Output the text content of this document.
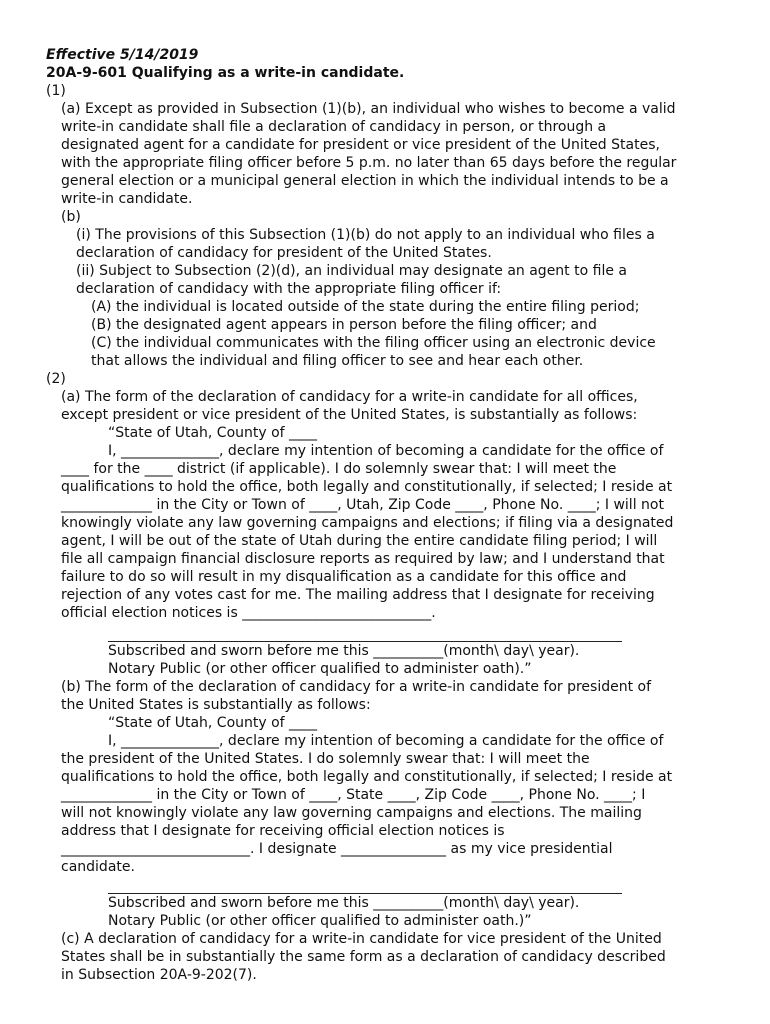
Effective 5/14/2019
20A-9-601 Qualifying as a write-in candidate.
(1)
(a) Except as provided in Subsection (1)(b), an individual who wishes to become a valid
write-in candidate shall file a declaration of candidacy in person, or through a
designated agent for a candidate for president or vice president of the United States,
with the appropriate filing officer before 5 p.m. no later than 65 days before the regular
general election or a municipal general election in which the individual intends to be a
write-in candidate.
(b)
(i) The provisions of this Subsection (1)(b) do not apply to an individual who files a
declaration of candidacy for president of the United States.
(ii) Subject to Subsection (2)(d), an individual may designate an agent to file a
declaration of candidacy with the appropriate filing officer if:
(A) the individual is located outside of the state during the entire filing period;
(B) the designated agent appears in person before the filing officer; and
(C) the individual communicates with the filing officer using an electronic device
that allows the individual and filing officer to see and hear each other.
(2)
(a) The form of the declaration of candidacy for a write-in candidate for all offices,
except president or vice president of the United States, is substantially as follows:
“State of Utah, County of ____
I, ______________, declare my intention of becoming a candidate for the office of
____ for the ____ district (if applicable). I do solemnly swear that: I will meet the
qualifications to hold the office, both legally and constitutionally, if selected; I reside at
_____________ in the City or Town of ____, Utah, Zip Code ____, Phone No. ____; I will not
knowingly violate any law governing campaigns and elections; if filing via a designated
agent, I will be out of the state of Utah during the entire candidate filing period; I will
file all campaign financial disclosure reports as required by law; and I understand that
failure to do so will result in my disqualification as a candidate for this office and
rejection of any votes cast for me. The mailing address that I designate for receiving
official election notices is ___________________________.
Subscribed and sworn before me this __________(month\ day\ year).
Notary Public (or other officer qualified to administer oath).”
(b) The form of the declaration of candidacy for a write-in candidate for president of
the United States is substantially as follows:
“State of Utah, County of ____
I, ______________, declare my intention of becoming a candidate for the office of
the president of the United States. I do solemnly swear that: I will meet the
qualifications to hold the office, both legally and constitutionally, if selected; I reside at
_____________ in the City or Town of ____, State ____, Zip Code ____, Phone No. ____; I
will not knowingly violate any law governing campaigns and elections. The mailing
address that I designate for receiving official election notices is
___________________________. I designate _______________ as my vice presidential
candidate.
Subscribed and sworn before me this __________(month\ day\ year).
Notary Public (or other officer qualified to administer oath.)”
(c) A declaration of candidacy for a write-in candidate for vice president of the United
States shall be in substantially the same form as a declaration of candidacy described
in Subsection 20A-9-202(7).
